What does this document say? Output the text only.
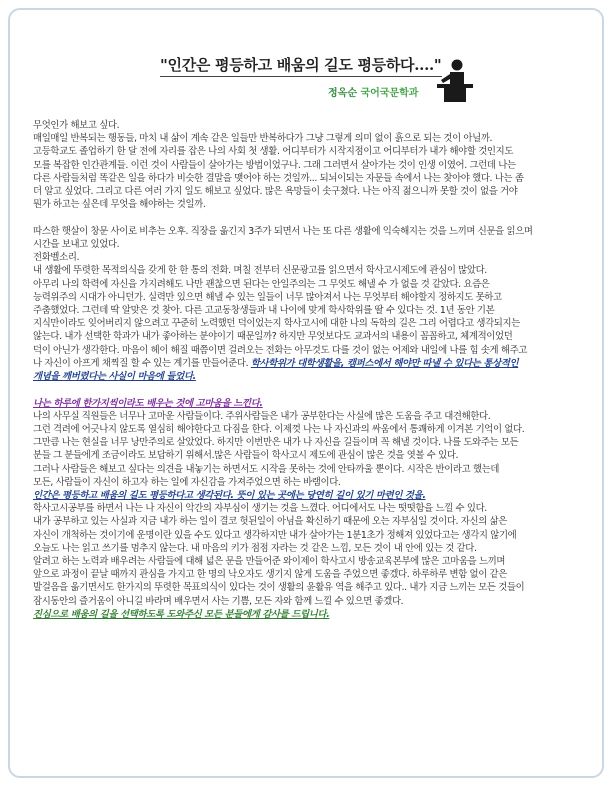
"인간은 평등하고 배움의 길도 평등하다...."
정옥순 국어국문학과

무엇인가 해보고 싶다.

매일매일 반복되는 행동들, 마치 내 삶이 계속 같은 일들만 반복하다가 그냥 그렇게 의미 없이 흙으로 되는 것이 아닐까.

고등학교도 졸업하기 한 달 전에 자리를 잡은 나의 사회 첫 생활. 어디부터가 시작지점이고 어디부터가 내가 해야할 것인지도

모를 복잡한 인간관계들. 이런 것이 사람들이 살아가는 방법이었구나. 그래 그러면서 살아가는 것이 인생 이였어. 그런데 나는

다른 사람들처럼 똑같은 일을 하다가 비슷한 결말을 맺어야 하는 것일까... 되뇌이되는 자문들 속에서 나는 찾아야 했다. 나는 좀

더 알고 싶었다. 그리고 다른 여러 가지 일도 해보고 싶었다. 많은 욕망들이 솟구쳤다. 나는 아직 젊으니까 못할 것이 없을 거야

뭔가 하고는 싶은데 무엇을 해야하는 것일까.

따스한 햇살이 창문 사이로 비추는 오후. 직장을 옮긴지 3주가 되면서 나는 또 다른 생활에 익숙해지는 것을 느끼며 신문을 읽으며

시간을 보내고 있었다.

전화벨소리.

내 생활에 뚜렷한 목적의식을 갖게 한 한 통의 전화. 며칠 전부터 신문광고를 읽으면서 학사고시제도에 관심이 많았다.

아무리 나의 학력에 자신을 가지려해도 나만 괜찮으면 된다는 안일주의는 그 무엇도 해낼 수 가 없을 것 같았다. 요즘은

능력위주의 시대가 아니던가. 실력만 있으면 해낼 수 있는 일들이 너무 많아져서 나는 무엇부터 해야할지 정하지도 못하고

주춤했었다. 그런데 딱 알맞은 것 찾아. 다른 고교동창생들과 내 나이에 맞게 학사학위를 딸 수 있다는 것. 1년 동안 기본

지식만이라도 잊어버리지 않으려고 꾸준히 노력했던 덕이었는지 학사고시에 대한 나의 독학의 길은 그리 어렵다고 생각되지는

않는다. 내가 선택한 학과가 내가 좋아하는 분야이기 때문일까? 하지만 무엇보다도 교과서의 내용이 꼼꼼하고, 체계적이었던

덕이 아닌가 생각한다. 마음이 헤이 해질 때쯤이면 걸려오는 전화는 아무것도 다를 것이 없는 어제와 내일에 나를 힘 솟게 해주고

나 자신이 아프게 채찍질 할 수 있는 계기를 만들어준다. 학사학위가 대학생활을, 캠퍼스에서 해야만 따낼 수 있다는 통상적인

개념을 깨버렸다는 사실이 마음에 들었다.

나는 하루에 한가지씩이라도 배우는 것에 고마움을 느낀다.

나의 사무실 직원들은 너무나 고마운 사람들이다. 주위사람들은 내가 공부한다는 사실에 많은 도움을 주고 대견해한다.

그런 격려에 어긋나지 않도록 열심히 해야한다고 다짐을 한다. 이제껏 나는 나 자신과의 싸움에서 통쾌하게 이겨본 기억이 없다.

그만큼 나는 현실을 너무 낭만주의로 살았었다. 하지만 이번만은 내가 나 자신을 길들이며 꼭 해낼 것이다. 나를 도와주는 모든

분들 그 분들에게 조금이라도 보답하기 위해서.많은 사람들이 학사고시 제도에 관심이 많은 것을 엿볼 수 있다.

그러나 사람들은 해보고 싶다는 의견을 내놓기는 하면서도 시작을 못하는 것에 안타까울 뿐이다. 시작은 반이라고 했는데

모든, 사람들이 자신이 하고자 하는 일에 자신감을 가져주었으면 하는 바램이다.

인간은 평등하고 배움의 길도 평등하다고 생각된다. 뜻이 있는 곳에는 당연히 길이 있기 마련인 것을.

학사고시공부를 하면서 나는 나 자신이 악간의 자부심이 생기는 것을 느꼈다. 어디에서도 나는 떳떳함을 느낄 수 있다.

내가 공부하고 있는 사실과 지금 내가 하는 일이 결코 헛된일이 아님을 확신하기 때문에 오는 자부심일 것이다. 자신의 삶은

자신이 개척하는 것이기에 운명이란 있을 수도 있다고 생각하지만 내가 살아가는 1분1초가 정해져 있었다고는 생각지 않기에

오늘도 나는 읽고 쓰기를 멈추지 않는다. 내 마음의 키가 점점 자라는 것 같은 느낌, 모든 것이 내 안에 있는 것 같다.

알려고 하는 노력과 배우려는 사람들에 대해 넓은 문을 만들어준 와이제이 학사고시 방송교육본부에 많은 고마움을 느끼며

앞으로 과정이 끝날 때까지 관심을 가지고 한 명의 낙오자도 생기지 않게 도움을 주었으면 좋겠다. 하루하루 변함 없이 같은

발걸음을 옮기면서도 한가지의 뚜렷한 목표의식이 있다는 것이 생활의 윤활유 역을 해주고 있다.. 내가 지금 느끼는 모든 것들이

잠시동안의 즐거움이 아니길 바라며 배우면서 사는 기쁨, 모든 자와 함께 느낄 수 있으면 좋겠다.

진심으로 배움의 길을 선택하도록 도와주신 모든 분들에게 감사를 드립니다.
